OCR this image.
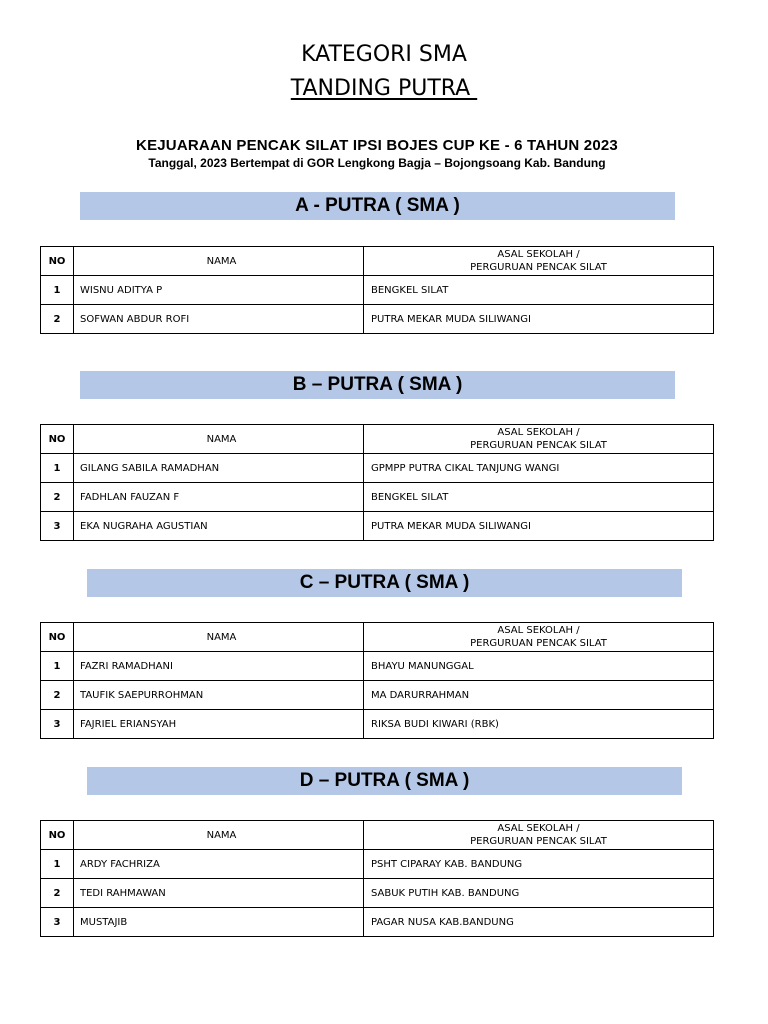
KATEGORI SMA
TANDING PUTRA
KEJUARAAN PENCAK SILAT IPSI BOJES CUP KE - 6 TAHUN 2023
Tanggal, 2023 Bertempat di GOR Lengkong Bagja – Bojongsoang Kab. Bandung
A - PUTRA ( SMA )
NO	NAMA	ASAL SEKOLAH /
PERGURUAN PENCAK SILAT

1	WISNU ADITYA P	BENGKEL SILAT
2	SOFWAN ABDUR ROFI	PUTRA MEKAR MUDA SILIWANGI
B – PUTRA ( SMA )
NO	NAMA	ASAL SEKOLAH /
PERGURUAN PENCAK SILAT

1	GILANG SABILA RAMADHAN	GPMPP PUTRA CIKAL TANJUNG WANGI
2	FADHLAN FAUZAN F	BENGKEL SILAT
3	EKA NUGRAHA AGUSTIAN	PUTRA MEKAR MUDA SILIWANGI
C – PUTRA ( SMA )
NO	NAMA	ASAL SEKOLAH /
PERGURUAN PENCAK SILAT

1	FAZRI RAMADHANI	BHAYU MANUNGGAL
2	TAUFIK SAEPURROHMAN	MA DARURRAHMAN
3	FAJRIEL ERIANSYAH	RIKSA BUDI KIWARI (RBK)
D – PUTRA ( SMA )
NO	NAMA	ASAL SEKOLAH /
PERGURUAN PENCAK SILAT

1	ARDY FACHRIZA	PSHT CIPARAY KAB. BANDUNG
2	TEDI RAHMAWAN	SABUK PUTIH KAB. BANDUNG
3	MUSTAJIB	PAGAR NUSA KAB.BANDUNG
